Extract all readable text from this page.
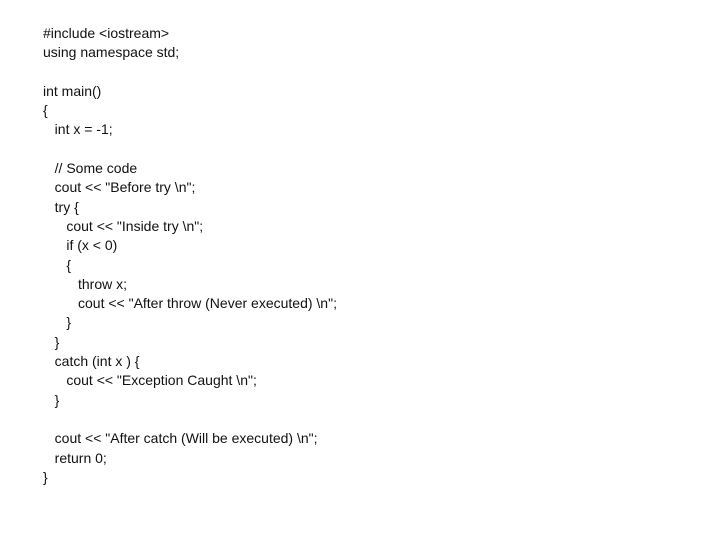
#include <iostream>
using namespace std;
int main()
{
int x = -1;
// Some code
cout << "Before try \n";
try {
cout << "Inside try \n";
if (x < 0)
{
throw x;
cout << "After throw (Never executed) \n";
}
}
catch (int x ) {
cout << "Exception Caught \n";
}
cout << "After catch (Will be executed) \n";
return 0;
}
